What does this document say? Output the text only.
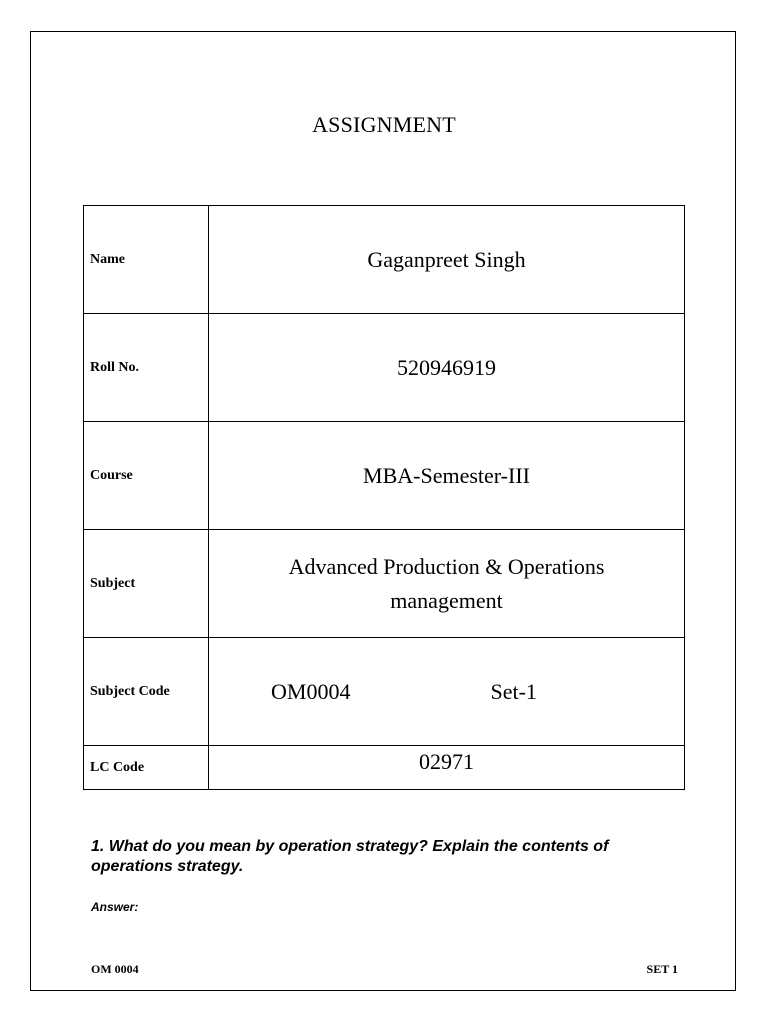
ASSIGNMENT
Name	Gaganpreet Singh
Roll No.	520946919
Course	MBA-Semester-III
Subject	Advanced Production & Operations
management

Subject Code	OM0004 Set-1

LC Code	02971
1. What do you mean by operation strategy? Explain the contents of operations strategy.
Answer:
OM 0004	SET 1
